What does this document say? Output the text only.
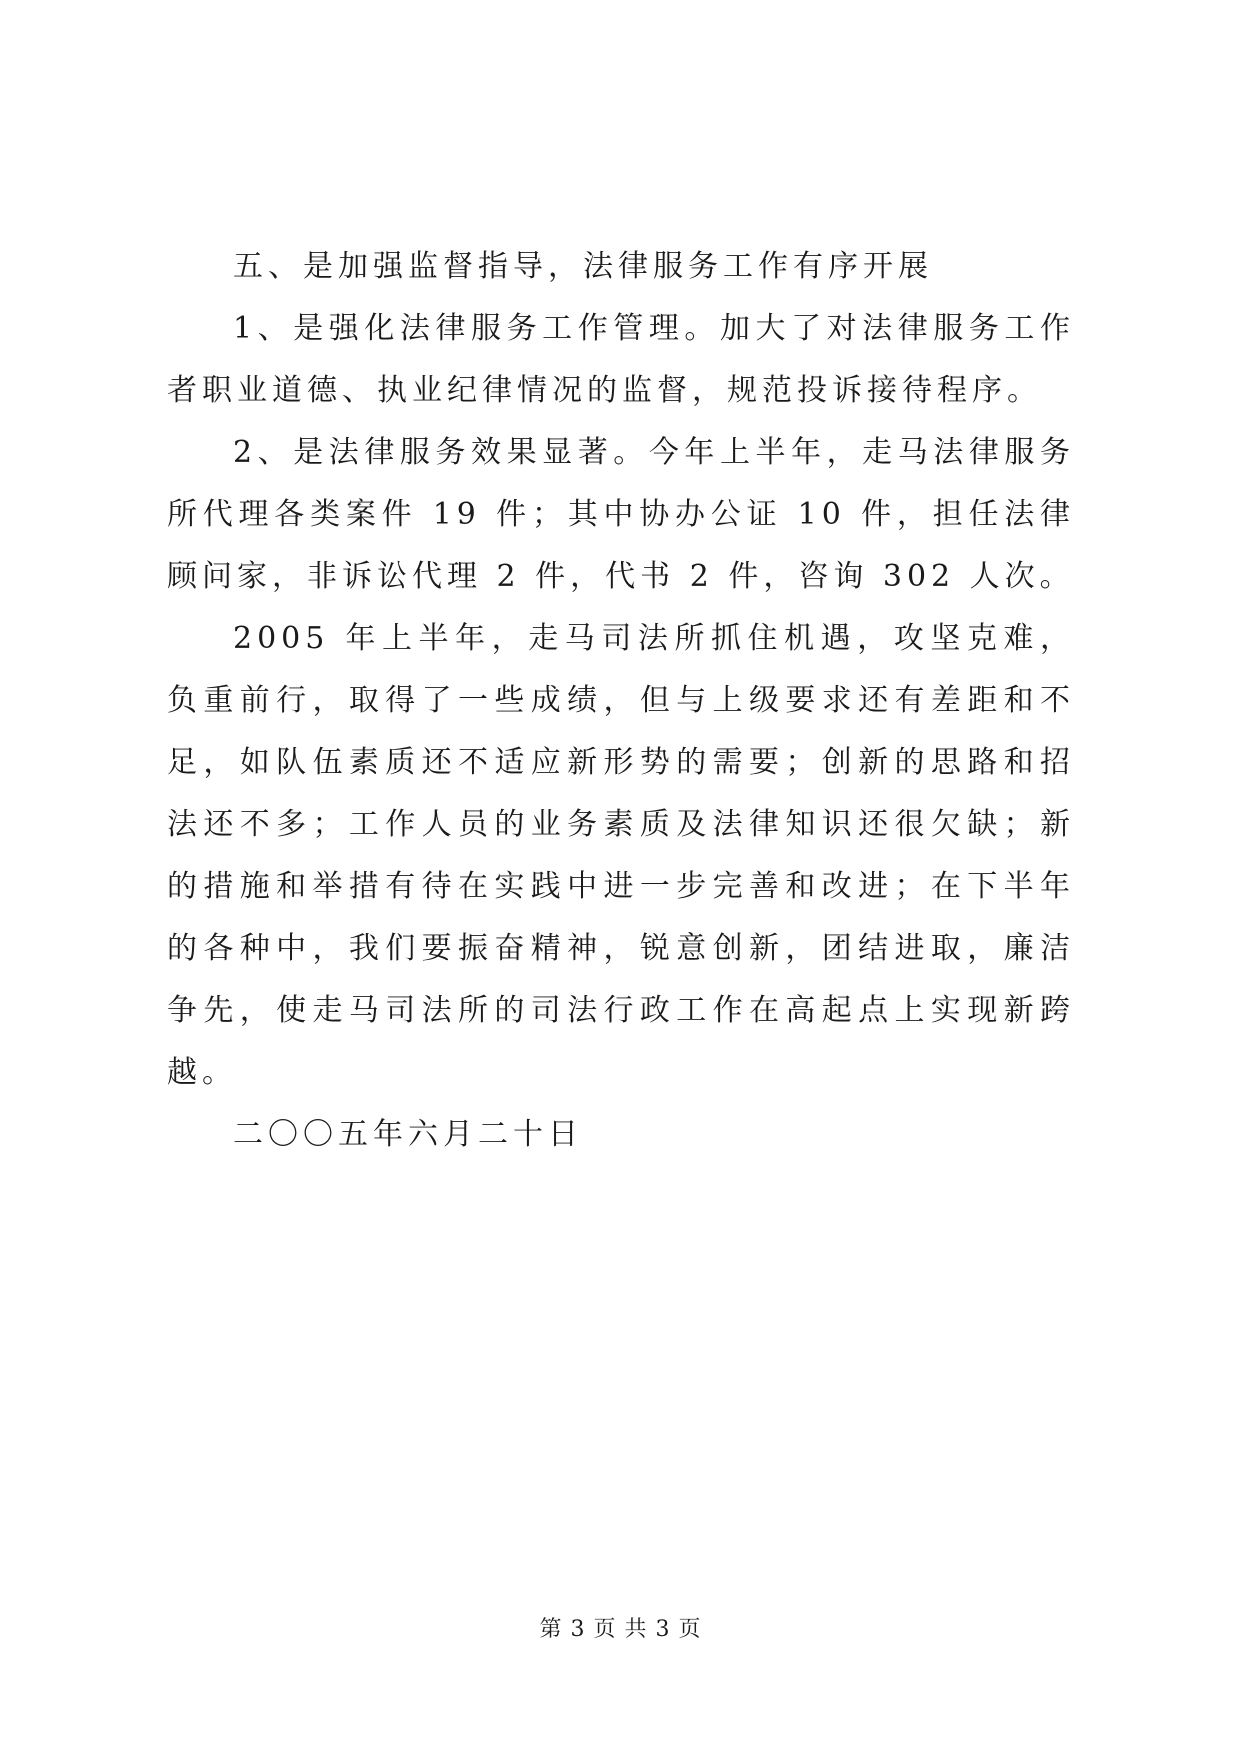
五、是加强监督指导，法律服务工作有序开展

1、是强化法律服务工作管理。加大了对法律服务工作者职业道德、执业纪律情况的监督，规范投诉接待程序。

2、是法律服务效果显著。今年上半年，走马法律服务所代理各类案件 19 件；其中协办公证 10 件，担任法律顾问家，非诉讼代理 2 件，代书 2 件，咨询 302 人次。

2005 年上半年，走马司法所抓住机遇，攻坚克难，负重前行，取得了一些成绩，但与上级要求还有差距和不足，如队伍素质还不适应新形势的需要；创新的思路和招法还不多；工作人员的业务素质及法律知识还很欠缺；新的措施和举措有待在实践中进一步完善和改进；在下半年的各种中，我们要振奋精神，锐意创新，团结进取，廉洁争先，使走马司法所的司法行政工作在高起点上实现新跨越。

二〇〇五年六月二十日

第 3 页 共 3 页
